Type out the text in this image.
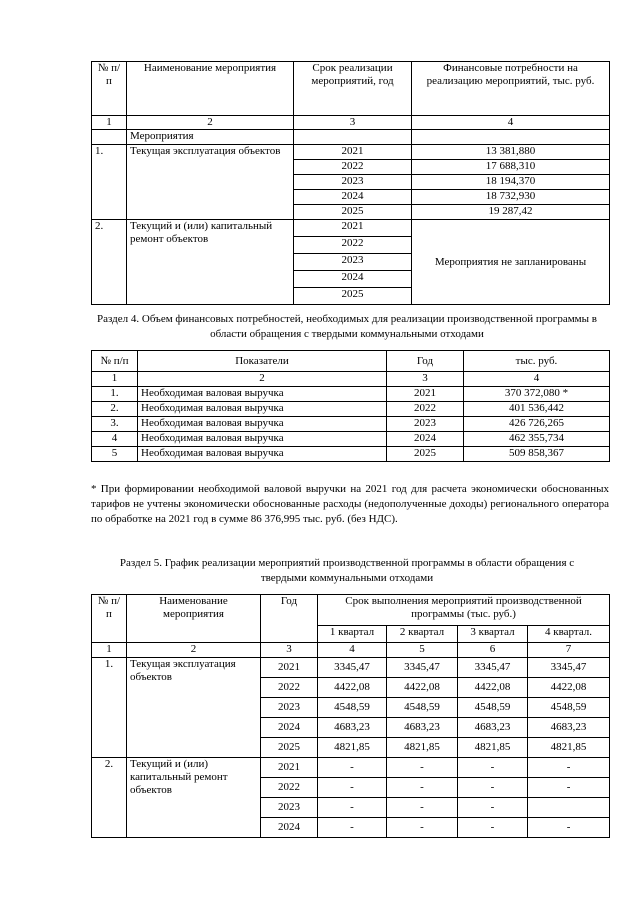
№ п/п	Наименование мероприятия	Срок реализации мероприятий, год	Финансовые потребности на реализацию мероприятий, тыс. руб.
1	2	3	4
	Мероприятия		
1.	Текущая эксплуатация объектов	2021	13 381,880
		2022	17 688,310
		2023	18 194,370
		2024	18 732,930
		2025	19 287,42
2.	Текущий и (или) капитальный ремонт объектов	2021	Мероприятия не запланированы
		2022	
		2023	
		2024	
		2025	
Раздел 4. Объем финансовых потребностей, необходимых для реализации производственной программы в области обращения с твердыми коммунальными отходами
№ п/п	Показатели	Год	тыс. руб.
1	2	3	4
1.	Необходимая валовая выручка	2021	370 372,080 *
2.	Необходимая валовая выручка	2022	401 536,442
3.	Необходимая валовая выручка	2023	426 726,265
4	Необходимая валовая выручка	2024	462 355,734
5	Необходимая валовая выручка	2025	509 858,367
* При формировании необходимой валовой выручки на 2021 год для расчета экономически обоснованных тарифов не учтены экономически обоснованные расходы (недополученные доходы) регионального оператора по обработке на 2021 год в сумме 86 376,995 тыс. руб. (без НДС).
Раздел 5. График реализации мероприятий производственной программы в области обращения с твердыми коммунальными отходами
№ п/п	Наименование мероприятия	Год	Срок выполнения мероприятий производственной программы (тыс. руб.)			
			1 квартал	2 квартал	3 квартал	4 квартал.
1	2	3	4	5	6	7
1.	Текущая эксплуатация объектов	2021	3345,47	3345,47	3345,47	3345,47
		2022	4422,08	4422,08	4422,08	4422,08
		2023	4548,59	4548,59	4548,59	4548,59
		2024	4683,23	4683,23	4683,23	4683,23
		2025	4821,85	4821,85	4821,85	4821,85
2.	Текущий и (или) капитальный ремонт объектов	2021	-	-	-	-
		2022	-	-	-	-
		2023	-	-	-	
		2024	-	-	-	-
